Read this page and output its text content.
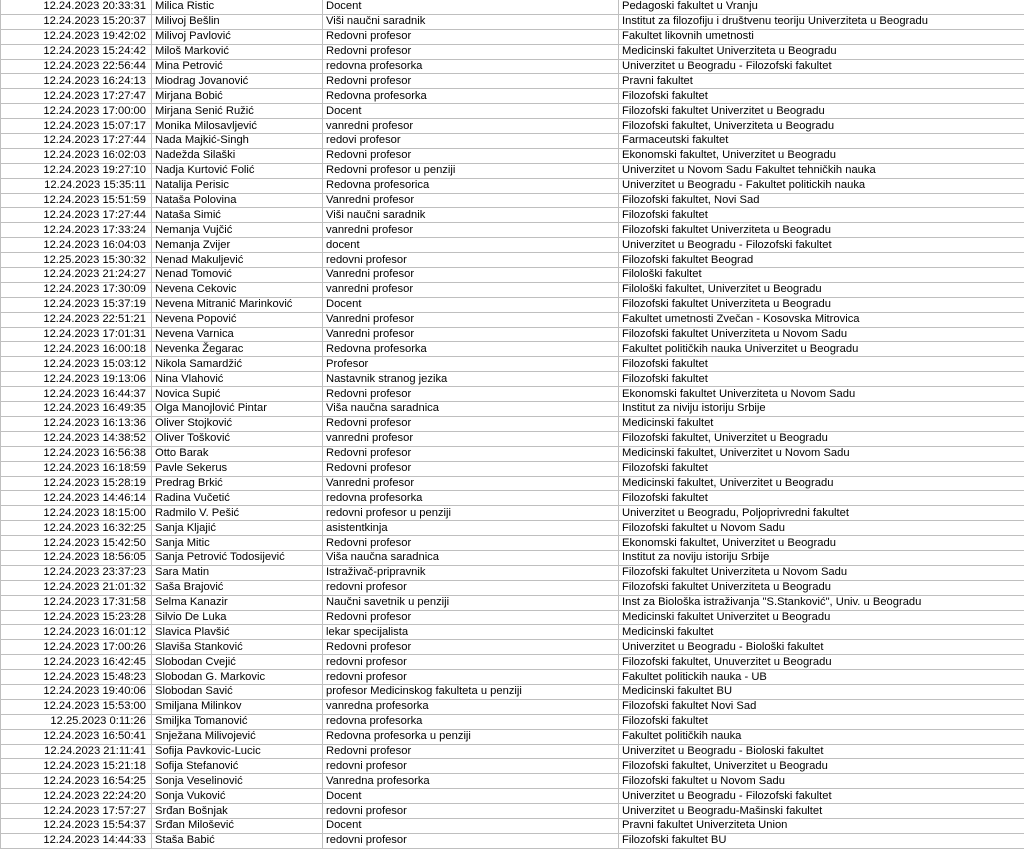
12.24.2023 20:33:31	Milica Ristic	Docent	Pedagoski fakultet u Vranju
12.24.2023 15:20:37	Milivoj Bešlin	Viši naučni saradnik	Institut za filozofiju i društvenu teoriju Univerziteta u Beogradu
12.24.2023 19:42:02	Milivoj Pavlović	Redovni profesor	Fakultet likovnih umetnosti
12.24.2023 15:24:42	Miloš Marković	Redovni profesor	Medicinski fakultet Univerziteta u Beogradu
12.24.2023 22:56:44	Mina Petrović	redovna profesorka	Univerzitet u Beogradu - Filozofski fakultet
12.24.2023 16:24:13	Miodrag Jovanović	Redovni profesor	Pravni fakultet
12.24.2023 17:27:47	Mirjana Bobić	Redovna profesorka	Filozofski fakultet
12.24.2023 17:00:00	Mirjana Senić Ružić	Docent	Filozofski fakultet Univerzitet u Beogradu
12.24.2023 15:07:17	Monika Milosavljević	vanredni profesor	Filozofski fakultet, Univerziteta u Beogradu
12.24.2023 17:27:44	Nada Majkić-Singh	redovi profesor	Farmaceutski fakultet
12.24.2023 16:02:03	Nadežda Silaški	Redovni profesor	Ekonomski fakultet, Univerzitet u Beogradu
12.24.2023 19:27:10	Nadja Kurtović Folić	Redovni profesor u penziji	Univerzitet u Novom Sadu Fakultet tehničkih nauka
12.24.2023 15:35:11	Natalija Perisic	Redovna profesorica	Univerzitet u Beogradu - Fakultet politickih nauka
12.24.2023 15:51:59	Nataša Polovina	Vanredni profesor	Filozofski fakultet, Novi Sad
12.24.2023 17:27:44	Nataša Simić	Viši naučni saradnik	Filozofski fakultet
12.24.2023 17:33:24	Nemanja Vujčić	vanredni profesor	Filozofski fakultet Univerziteta u Beogradu
12.24.2023 16:04:03	Nemanja Zvijer	docent	Univerzitet u Beogradu - Filozofski fakultet
12.25.2023 15:30:32	Nenad Makuljević	redovni profesor	Filozofski fakultet Beograd
12.24.2023 21:24:27	Nenad Tomović	Vanredni profesor	Filološki fakultet
12.24.2023 17:30:09	Nevena Cekovic	vanredni profesor	Filološki fakultet, Univerzitet u Beogradu
12.24.2023 15:37:19	Nevena Mitranić Marinković	Docent	Filozofski fakultet Univerziteta u Beogradu
12.24.2023 22:51:21	Nevena Popović	Vanredni profesor	Fakultet umetnosti Zvečan - Kosovska Mitrovica
12.24.2023 17:01:31	Nevena Varnica	Vanredni profesor	Filozofski fakultet Univerziteta u Novom Sadu
12.24.2023 16:00:18	Nevenka Žegarac	Redovna profesorka	Fakultet političkih nauka Univerzitet u Beogradu
12.24.2023 15:03:12	Nikola Samardžić	Profesor	Filozofski fakultet
12.24.2023 19:13:06	Nina Vlahović	Nastavnik stranog jezika	Filozofski fakultet
12.24.2023 16:44:37	Novica Supić	Redovni profesor	Ekonomski fakultet Univerziteta u Novom Sadu
12.24.2023 16:49:35	Olga Manojlović Pintar	Viša naučna saradnica	Institut za niviju istoriju Srbije
12.24.2023 16:13:36	Oliver Stojković	Redovni profesor	Medicinski fakultet
12.24.2023 14:38:52	Oliver Tošković	vanredni profesor	Filozofski fakultet, Univerzitet u Beogradu
12.24.2023 16:56:38	Otto Barak	Redovni profesor	Medicinski fakultet, Univerzitet u Novom Sadu
12.24.2023 16:18:59	Pavle Sekerus	Redovni profesor	Filozofski fakultet
12.24.2023 15:28:19	Predrag Brkić	Vanredni profesor	Medicinski fakultet, Univerzitet u Beogradu
12.24.2023 14:46:14	Radina Vučetić	redovna profesorka	Filozofski fakultet
12.24.2023 18:15:00	Radmilo V. Pešić	redovni profesor u penziji	Univerzitet u Beogradu, Poljoprivredni fakultet
12.24.2023 16:32:25	Sanja Kljajić	asistentkinja	Filozofski fakultet u Novom Sadu
12.24.2023 15:42:50	Sanja Mitic	Redovni profesor	Ekonomski fakultet, Univerzitet u Beogradu
12.24.2023 18:56:05	Sanja Petrović Todosijević	Viša naučna saradnica	Institut za noviju istoriju Srbije
12.24.2023 23:37:23	Sara Matin	Istraživač-pripravnik	Filozofski fakultet Univerziteta u Novom Sadu
12.24.2023 21:01:32	Saša Brajović	redovni profesor	Filozofski fakultet Univerziteta u Beogradu
12.24.2023 17:31:58	Selma Kanazir	Naučni savetnik u penziji	Inst za Biološka istraživanja "S.Stanković", Univ. u Beogradu
12.24.2023 15:23:28	Silvio De Luka	Redovni profesor	Medicinski fakultet Univerzitet u Beogradu
12.24.2023 16:01:12	Slavica Plavšić	lekar specijalista	Medicinski fakultet
12.24.2023 17:00:26	Slaviša Stanković	Redovni profesor	Univerzitet u Beogradu - Biološki fakultet
12.24.2023 16:42:45	Slobodan Cvejić	redovni profesor	Filozofski fakultet, Unuverzitet u Beogradu
12.24.2023 15:48:23	Slobodan G. Markovic	redovni profesor	Fakultet politickih nauka - UB
12.24.2023 19:40:06	Slobodan Savić	profesor Medicinskog fakulteta u penziji	Medicinski fakultet BU
12.24.2023 15:53:00	Smiljana Milinkov	vanredna profesorka	Filozofski fakultet Novi Sad
12.25.2023 0:11:26	Smiljka Tomanović	redovna profesorka	Filozofski fakultet
12.24.2023 16:50:41	Snježana Milivojević	Redovna profesorka u penziji	Fakultet političkih nauka
12.24.2023 21:11:41	Sofija Pavkovic-Lucic	Redovni profesor	Univerzitet u Beogradu - Bioloski fakultet
12.24.2023 15:21:18	Sofija Stefanović	redovni profesor	Filozofski fakultet, Univerzitet u Beogradu
12.24.2023 16:54:25	Sonja Veselinović	Vanredna profesorka	Filozofski fakultet u Novom Sadu
12.24.2023 22:24:20	Sonja Vuković	Docent	Univerzitet u Beogradu - Filozofski fakultet
12.24.2023 17:57:27	Srđan Bošnjak	redovni profesor	Univerzitet u Beogradu-Mašinski fakultet
12.24.2023 15:54:37	Srđan Milošević	Docent	Pravni fakultet Univerziteta Union
12.24.2023 14:44:33	Staša Babić	redovni profesor	Filozofski fakultet BU
